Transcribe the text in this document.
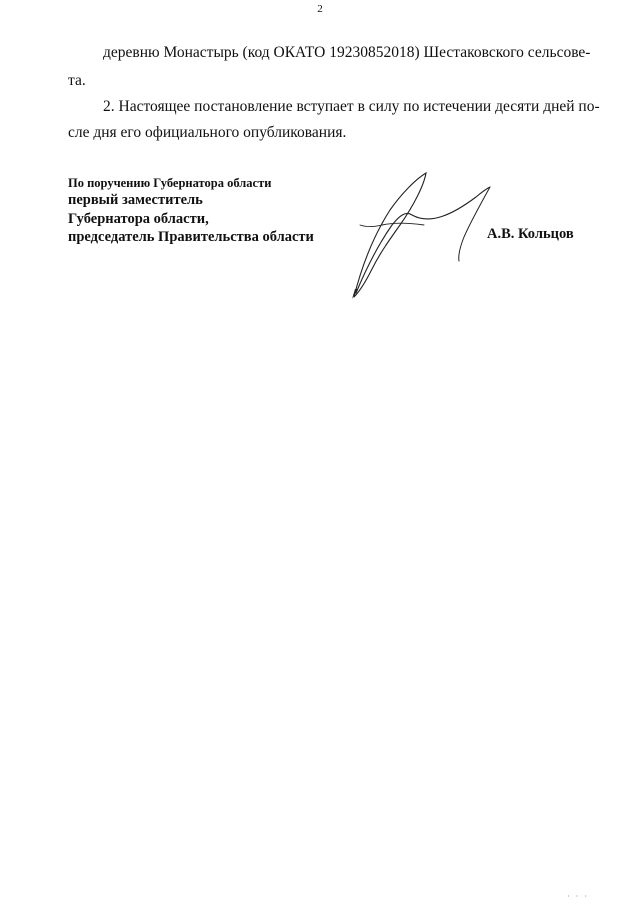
2
деревню Монастырь (код ОКАТО 19230852018) Шестаковского сельсове-
та.
2. Настоящее постановление вступает в силу по истечении десяти дней по-
сле дня его официального опубликования.
По поручению Губернатора области
первый заместитель
Губернатора области,
председатель Правительства области	А.В. Кольцов
· · ·
